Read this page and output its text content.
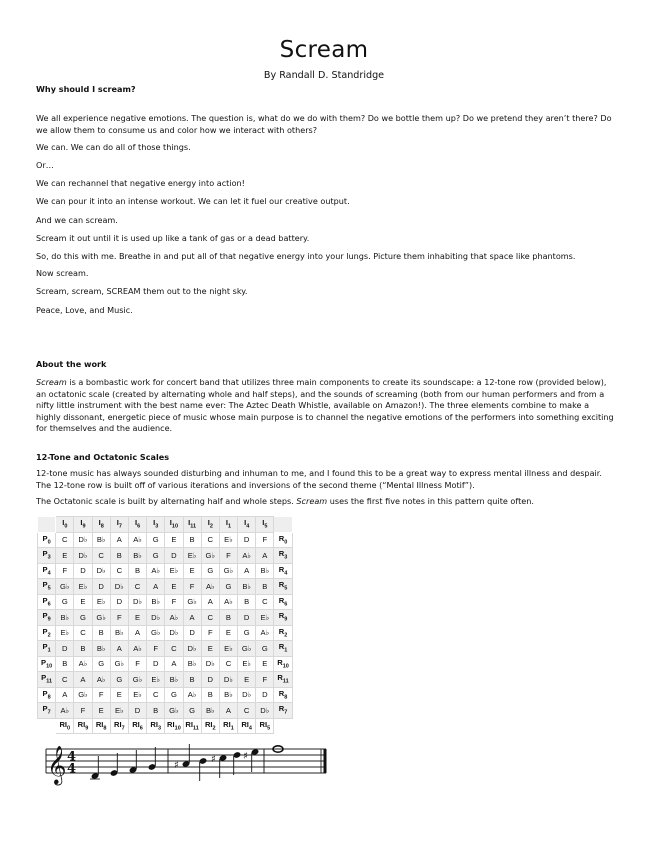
Scream

By Randall D. Standridge

Why should I scream?

We all experience negative emotions. The question is, what do we do with them? Do we bottle them up? Do we pretend they aren’t there? Do we allow them to consume us and color how we interact with others?

We can. We can do all of those things.

Or…

We can rechannel that negative energy into action!

We can pour it into an intense workout. We can let it fuel our creative output.

And we can scream.

Scream it out until it is used up like a tank of gas or a dead battery.

So, do this with me. Breathe in and put all of that negative energy into your lungs. Picture them inhabiting that space like phantoms.

Now scream.

Scream, scream, SCREAM them out to the night sky.

Peace, Love, and Music.

About the work

Scream is a bombastic work for concert band that utilizes three main components to create its soundscape: a 12-tone row (provided below), an octatonic scale (created by alternating whole and half steps), and the sounds of screaming (both from our human performers and from a nifty little instrument with the best name ever: The Aztec Death Whistle, available on Amazon!). The three elements combine to make a highly dissonant, energetic piece of music whose main purpose is to channel the negative emotions of the performers into something exciting for themselves and the audience.

12-Tone and Octatonic Scales

12-tone music has always sounded disturbing and inhuman to me, and I found this to be a great way to express mental illness and despair. The 12-tone row is built off of various iterations and inversions of the second theme (“Mental Illness Motif”).

The Octatonic scale is built by alternating half and whole steps. Scream uses the first five notes in this pattern quite often.

	$I_0$	$I_9$	$I_8$	$I_7$	$I_6$	$I_3$	$I_{10}$	$I_{11}$	$I_2$	$I_1$	$I_4$	$I_5$	
$P_0$	C	D♭	B♭	A	A♭	G	E	B	C	E♭	D	F	$R_0$
$P_3$	E	D♭	C	B	B♭	G	D	E♭	G♭	F	A♭	A	$R_3$
$P_4$	F	D	D♭	C	B	A♭	E♭	E	G	G♭	A	B♭	$R_4$
$P_5$	G♭	E♭	D	D♭	C	A	E	F	A♭	G	B♭	B	$R_5$
$P_6$	G	E	E♭	D	D♭	B♭	F	G♭	A	A♭	B	C	$R_6$
$P_9$	B♭	G	G♭	F	E	D♭	A♭	A	C	B	D	E♭	$R_9$
$P_2$	E♭	C	B	B♭	A	G♭	D♭	D	F	E	G	A♭	$R_2$
$P_1$	D	B	B♭	A	A♭	F	C	D♭	E	E♭	G♭	G	$R_1$
$P_{10}$	B	A♭	G	G♭	F	D	A	B♭	D♭	C	E♭	E	$R_{10}$
$P_{11}$	C	A	A♭	G	G♭	E♭	B♭	B	D	D♭	E	F	$R_{11}$
$P_8$	A	G♭	F	E	E♭	C	G	A♭	B	B♭	D♭	D	$R_8$
$P_7$	A♭	F	E	E♭	D	B	G♭	G	B♭	A	C	D♭	$R_7$
	$RI_0$	$RI_9$	$RI_8$	$RI_7$	$RI_6$	$RI_3$	$RI_{10}$	$RI_{11}$	$RI_2$	$RI_1$	$RI_4$	$RI_5$	
𝄞 4
4	♯
♯	♯
